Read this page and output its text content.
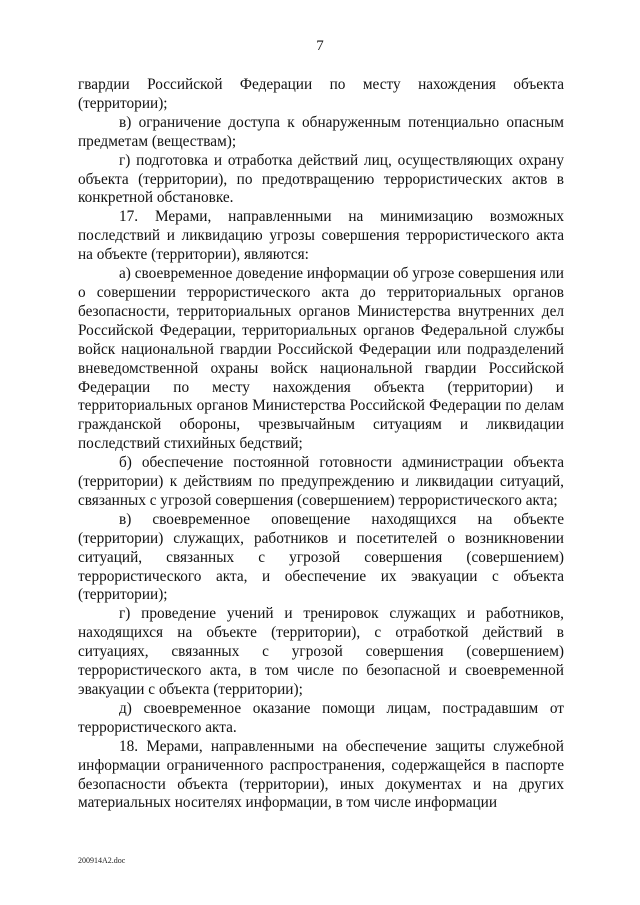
7

гвардии Российской Федерации по месту нахождения объекта (территории);

в) ограничение доступа к обнаруженным потенциально опасным предметам (веществам);

г) подготовка и отработка действий лиц, осуществляющих охрану объекта (территории), по предотвращению террористических актов в конкретной обстановке.

17. Мерами, направленными на минимизацию возможных последствий и ликвидацию угрозы совершения террористического акта на объекте (территории), являются:

а) своевременное доведение информации об угрозе совершения или о совершении террористического акта до территориальных органов безопасности, территориальных органов Министерства внутренних дел Российской Федерации, территориальных органов Федеральной службы войск национальной гвардии Российской Федерации или подразделений вневедомственной охраны войск национальной гвардии Российской Федерации по месту нахождения объекта (территории) и территориальных органов Министерства Российской Федерации по делам гражданской обороны, чрезвычайным ситуациям и ликвидации последствий стихийных бедствий;

б) обеспечение постоянной готовности администрации объекта (территории) к действиям по предупреждению и ликвидации ситуаций, связанных с угрозой совершения (совершением) террористического акта;

в) своевременное оповещение находящихся на объекте (территории) служащих, работников и посетителей о возникновении ситуаций, связанных с угрозой совершения (совершением) террористического акта, и обеспечение их эвакуации с объекта (территории);

г) проведение учений и тренировок служащих и работников, находящихся на объекте (территории), с отработкой действий в ситуациях, связанных с угрозой совершения (совершением) террористического акта, в том числе по безопасной и своевременной эвакуации с объекта (территории);

д) своевременное оказание помощи лицам, пострадавшим от террористического акта.

18. Мерами, направленными на обеспечение защиты служебной информации ограниченного распространения, содержащейся в паспорте безопасности объекта (территории), иных документах и на других материальных носителях информации, в том числе информации

200914A2.doc
